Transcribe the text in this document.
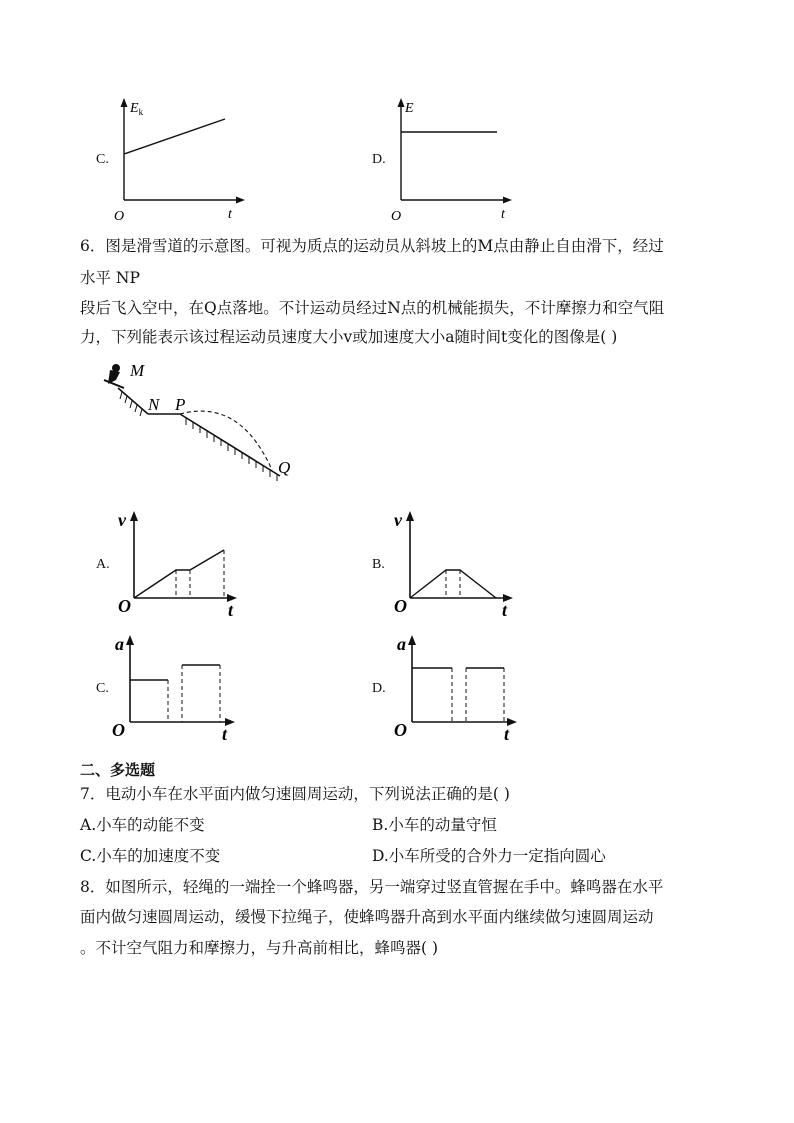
C.
$E_k$
O	t
D.
E
O	t
6．图是滑雪道的示意图。可视为质点的运动员从斜坡上的M点由静止自由滑下，经过
水平 NP
段后飞入空中，在Q点落地。不计运动员经过N点的机械能损失，不计摩擦力和空气阻
力，下列能表示该过程运动员速度大小v或加速度大小a随时间t变化的图像是( )
M
N P
Q
A.
v
O	t
B.
v
O	t
C.
a
O	t
D.
a
O	t
二、多选题
7．电动小车在水平面内做匀速圆周运动，下列说法正确的是( )
A.小车的动能不变	B.小车的动量守恒
C.小车的加速度不变	D.小车所受的合外力一定指向圆心
8．如图所示，轻绳的一端拴一个蜂鸣器，另一端穿过竖直管握在手中。蜂鸣器在水平
面内做匀速圆周运动，缓慢下拉绳子，使蜂鸣器升高到水平面内继续做匀速圆周运动
。不计空气阻力和摩擦力，与升高前相比，蜂鸣器( )
